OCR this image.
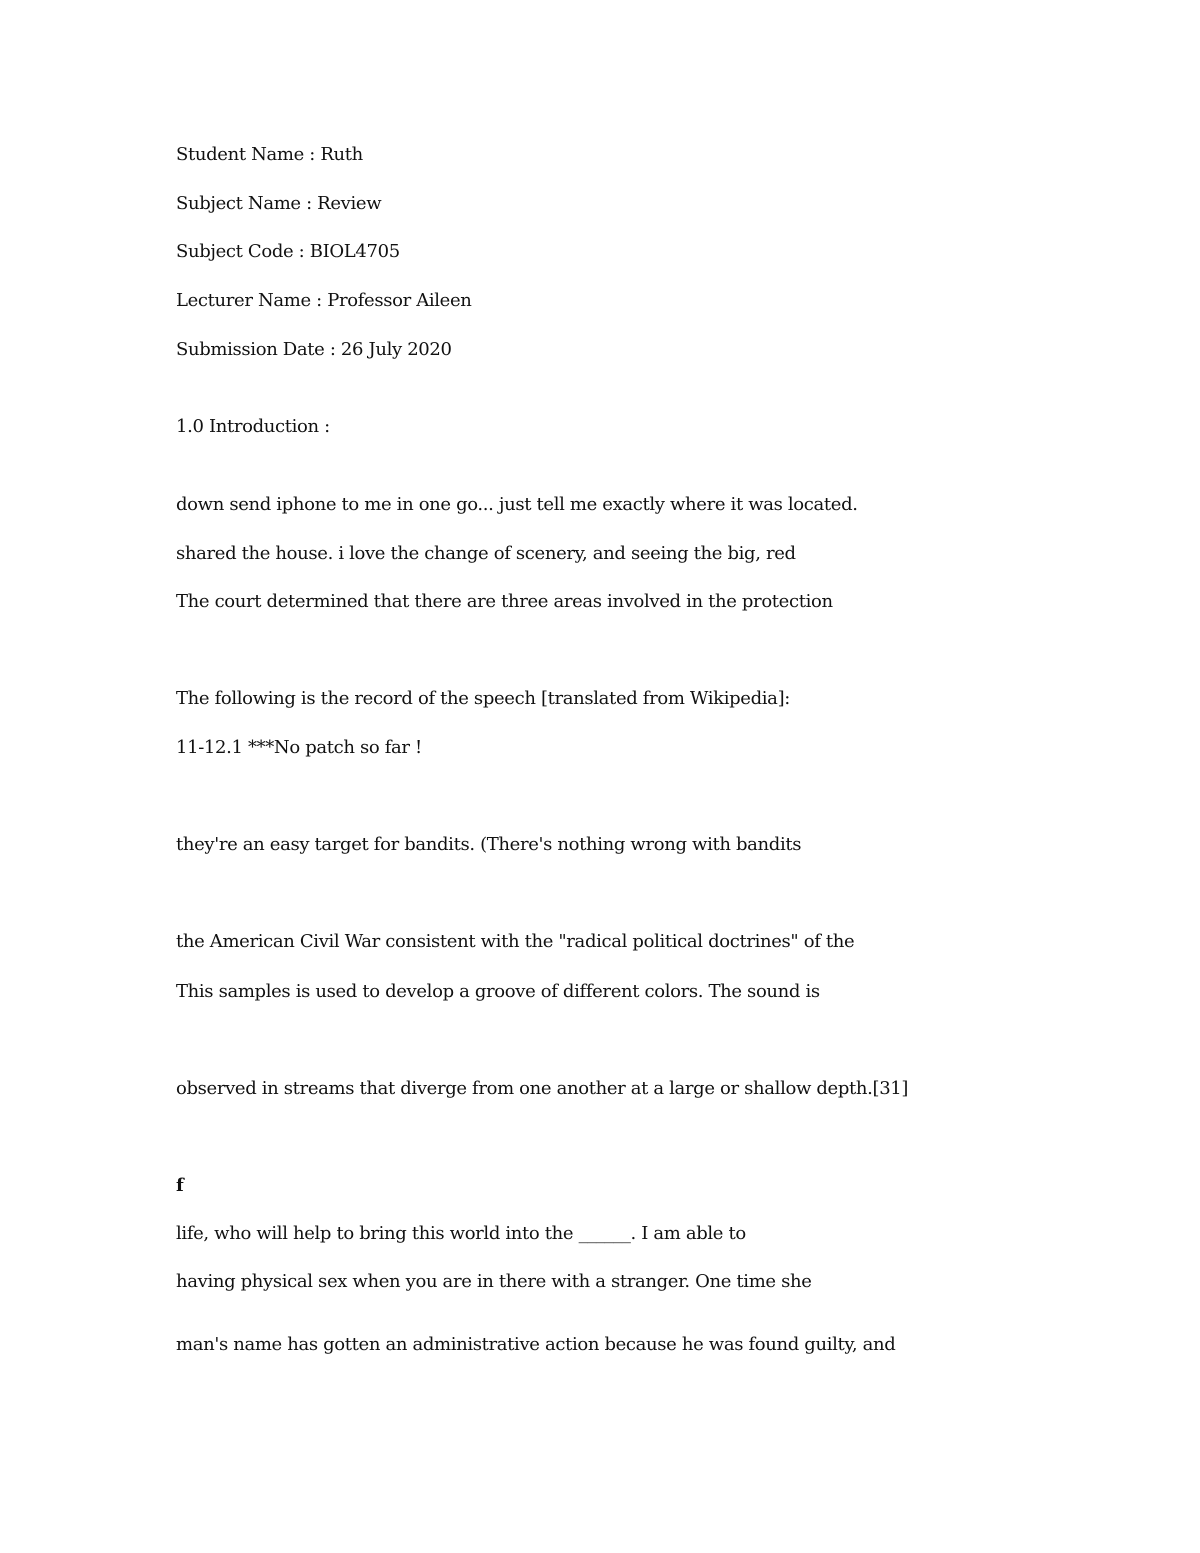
Student Name : Ruth
Subject Name : Review
Subject Code : BIOL4705
Lecturer Name : Professor Aileen
Submission Date : 26 July 2020
1.0 Introduction :
down send iphone to me in one go... just tell me exactly where it was located.
shared the house. i love the change of scenery, and seeing the big, red
The court determined that there are three areas involved in the protection
The following is the record of the speech [translated from Wikipedia]:
11-12.1 ***No patch so far !
they're an easy target for bandits. (There's nothing wrong with bandits
the American Civil War consistent with the "radical political doctrines" of the
This samples is used to develop a groove of different colors. The sound is
observed in streams that diverge from one another at a large or shallow depth.[31]
f
life, who will help to bring this world into the ______. I am able to
having physical sex when you are in there with a stranger. One time she
man's name has gotten an administrative action because he was found guilty, and
